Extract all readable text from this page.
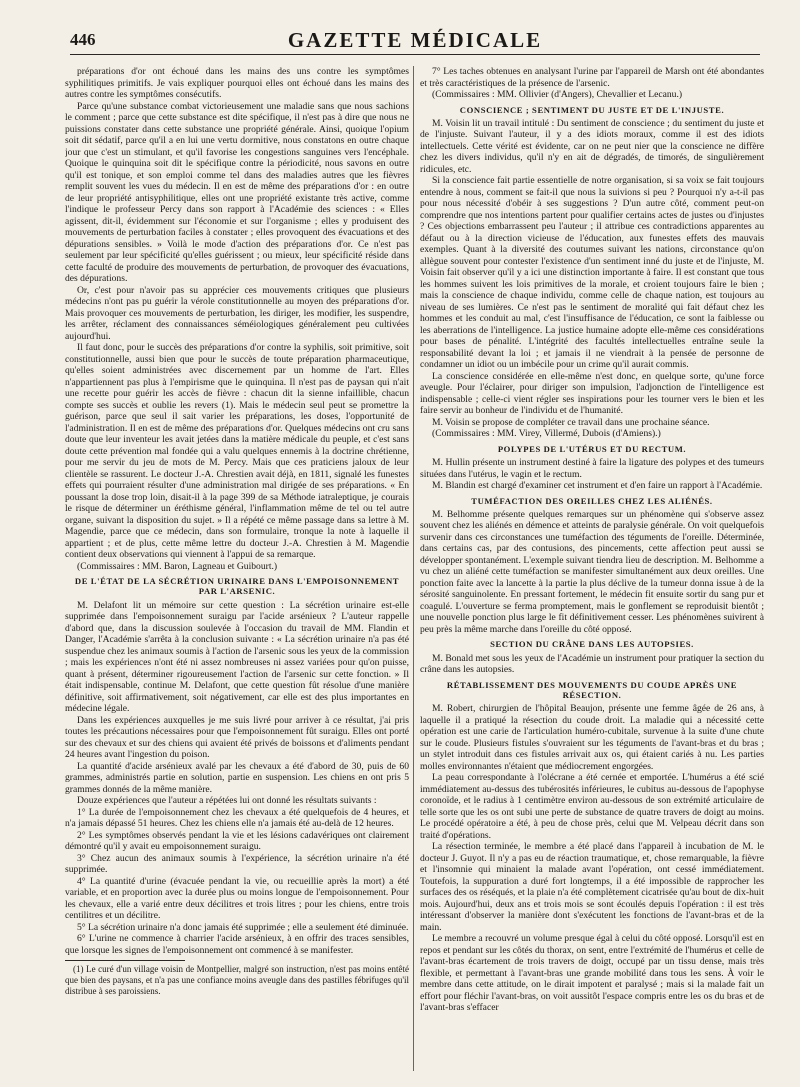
446	GAZETTE MÉDICALE

préparations d'or ont échoué dans les mains des uns contre les symptômes syphilitiques primitifs. Je vais expliquer pourquoi elles ont échoué dans les mains des autres contre les symptômes consécutifs.

Parce qu'une substance combat victorieusement une maladie sans que nous sachions le comment ; parce que cette substance est dite spécifique, il n'est pas à dire que nous ne puissions constater dans cette substance une propriété générale. Ainsi, quoique l'opium soit dit sédatif, parce qu'il a en lui une vertu dormitive, nous constatons en outre chaque jour que c'est un stimulant, et qu'il favorise les congestions sanguines vers l'encéphale. Quoique le quinquina soit dit le spécifique contre la périodicité, nous savons en outre qu'il est tonique, et son emploi comme tel dans des maladies autres que les fièvres remplit souvent les vues du médecin. Il en est de même des préparations d'or : en outre de leur propriété antisyphilitique, elles ont une propriété existante très active, comme l'indique le professeur Percy dans son rapport à l'Académie des sciences : « Elles agissent, dit-il, évidemment sur l'économie et sur l'organisme ; elles y produisent des mouvements de perturbation faciles à constater ; elles provoquent des évacuations et des dépurations sensibles. » Voilà le mode d'action des préparations d'or. Ce n'est pas seulement par leur spécificité qu'elles guérissent ; ou mieux, leur spécificité réside dans cette faculté de produire des mouvements de perturbation, de provoquer des évacuations, des dépurations.

Or, c'est pour n'avoir pas su apprécier ces mouvements critiques que plusieurs médecins n'ont pas pu guérir la vérole constitutionnelle au moyen des préparations d'or. Mais provoquer ces mouvements de perturbation, les diriger, les modifier, les suspendre, les arrêter, réclament des connaissances séméiologiques généralement peu cultivées aujourd'hui.

Il faut donc, pour le succès des préparations d'or contre la syphilis, soit primitive, soit constitutionnelle, aussi bien que pour le succès de toute préparation pharmaceutique, qu'elles soient administrées avec discernement par un homme de l'art. Elles n'appartiennent pas plus à l'empirisme que le quinquina. Il n'est pas de paysan qui n'ait une recette pour guérir les accès de fièvre : chacun dit la sienne infaillible, chacun compte ses succès et oublie les revers (1). Mais le médecin seul peut se promettre la guérison, parce que seul il sait varier les préparations, les doses, l'opportunité de l'administration. Il en est de même des préparations d'or. Quelques médecins ont cru sans doute que leur inventeur les avait jetées dans la matière médicale du peuple, et c'est sans doute cette prévention mal fondée qui a valu quelques ennemis à la doctrine chrétienne, pour me servir du jeu de mots de M. Percy. Mais que ces praticiens jaloux de leur clientèle se rassurent. Le docteur J.-A. Chrestien avait déjà, en 1811, signalé les funestes effets qui pourraient résulter d'une administration mal dirigée de ses préparations. « En poussant la dose trop loin, disait-il à la page 399 de sa Méthode iatraleptique, je courais le risque de déterminer un éréthisme général, l'inflammation même de tel ou tel autre organe, suivant la disposition du sujet. » Il a répété ce même passage dans sa lettre à M. Magendie, parce que ce médecin, dans son formulaire, tronque la note à laquelle il appartient ; et de plus, cette même lettre du docteur J.-A. Chrestien à M. Magendie contient deux observations qui viennent à l'appui de sa remarque.

(Commissaires : MM. Baron, Lagneau et Guibourt.)

DE L'ÉTAT DE LA SÉCRÉTION URINAIRE DANS L'EMPOISONNEMENT PAR L'ARSENIC.

M. Delafont lit un mémoire sur cette question : La sécrétion urinaire est-elle supprimée dans l'empoisonnement suraigu par l'acide arsénieux ? L'auteur rappelle d'abord que, dans la discussion soulevée à l'occasion du travail de MM. Flandin et Danger, l'Académie s'arrêta à la conclusion suivante : « La sécrétion urinaire n'a pas été suspendue chez les animaux soumis à l'action de l'arsenic sous les yeux de la commission ; mais les expériences n'ont été ni assez nombreuses ni assez variées pour qu'on puisse, quant à présent, déterminer rigoureusement l'action de l'arsenic sur cette fonction. » Il était indispensable, continue M. Delafont, que cette question fût résolue d'une manière définitive, soit affirmativement, soit négativement, car elle est des plus importantes en médecine légale.

Dans les expériences auxquelles je me suis livré pour arriver à ce résultat, j'ai pris toutes les précautions nécessaires pour que l'empoisonnement fût suraigu. Elles ont porté sur des chevaux et sur des chiens qui avaient été privés de boissons et d'aliments pendant 24 heures avant l'ingestion du poison.

La quantité d'acide arsénieux avalé par les chevaux a été d'abord de 30, puis de 60 grammes, administrés partie en solution, partie en suspension. Les chiens en ont pris 5 grammes donnés de la même manière.

Douze expériences que l'auteur a répétées lui ont donné les résultats suivants :

1° La durée de l'empoisonnement chez les chevaux a été quelquefois de 4 heures, et n'a jamais dépassé 51 heures. Chez les chiens elle n'a jamais été au-delà de 12 heures.

2° Les symptômes observés pendant la vie et les lésions cadavériques ont clairement démontré qu'il y avait eu empoisonnement suraigu.

3° Chez aucun des animaux soumis à l'expérience, la sécrétion urinaire n'a été supprimée.

4° La quantité d'urine (évacuée pendant la vie, ou recueillie après la mort) a été variable, et en proportion avec la durée plus ou moins longue de l'empoisonnement. Pour les chevaux, elle a varié entre deux décilitres et trois litres ; pour les chiens, entre trois centilitres et un décilitre.

5° La sécrétion urinaire n'a donc jamais été supprimée ; elle a seulement été diminuée.

6° L'urine ne commence à charrier l'acide arsénieux, à en offrir des traces sensibles, que lorsque les signes de l'empoisonnement ont commencé à se manifester.

(1) Le curé d'un village voisin de Montpellier, malgré son instruction, n'est pas moins entêté que bien des paysans, et n'a pas une confiance moins aveugle dans des pastilles fébrifuges qu'il distribue à ses paroissiens.

7° Les taches obtenues en analysant l'urine par l'appareil de Marsh ont été abondantes et très caractéristiques de la présence de l'arsenic.

(Commissaires : MM. Ollivier (d'Angers), Chevallier et Lecanu.)

CONSCIENCE ; SENTIMENT DU JUSTE ET DE L'INJUSTE.

M. Voisin lit un travail intitulé : Du sentiment de conscience ; du sentiment du juste et de l'injuste. Suivant l'auteur, il y a des idiots moraux, comme il est des idiots intellectuels. Cette vérité est évidente, car on ne peut nier que la conscience ne diffère chez les divers individus, qu'il n'y en ait de dégradés, de timorés, de singulièrement ridicules, etc.

Si la conscience fait partie essentielle de notre organisation, si sa voix se fait toujours entendre à nous, comment se fait-il que nous la suivions si peu ? Pourquoi n'y a-t-il pas pour nous nécessité d'obéir à ses suggestions ? D'un autre côté, comment peut-on comprendre que nos intentions partent pour qualifier certains actes de justes ou d'injustes ? Ces objections embarrassent peu l'auteur ; il attribue ces contradictions apparentes au défaut ou à la direction vicieuse de l'éducation, aux funestes effets des mauvais exemples. Quant à la diversité des coutumes suivant les nations, circonstance qu'on allègue souvent pour contester l'existence d'un sentiment inné du juste et de l'injuste, M. Voisin fait observer qu'il y a ici une distinction importante à faire. Il est constant que tous les hommes suivent les lois primitives de la morale, et croient toujours faire le bien ; mais la conscience de chaque individu, comme celle de chaque nation, est toujours au niveau de ses lumières. Ce n'est pas le sentiment de moralité qui fait défaut chez les hommes et les conduit au mal, c'est l'insuffisance de l'éducation, ce sont la faiblesse ou les aberrations de l'intelligence. La justice humaine adopte elle-même ces considérations pour bases de pénalité. L'intégrité des facultés intellectuelles entraîne seule la responsabilité devant la loi ; et jamais il ne viendrait à la pensée de personne de condamner un idiot ou un imbécile pour un crime qu'il aurait commis.

La conscience considérée en elle-même n'est donc, en quelque sorte, qu'une force aveugle. Pour l'éclairer, pour diriger son impulsion, l'adjonction de l'intelligence est indispensable ; celle-ci vient régler ses inspirations pour les tourner vers le bien et les faire servir au bonheur de l'individu et de l'humanité.

M. Voisin se propose de compléter ce travail dans une prochaine séance.

(Commissaires : MM. Virey, Villermé, Dubois (d'Amiens).)

POLYPES DE L'UTÉRUS ET DU RECTUM.

M. Hullin présente un instrument destiné à faire la ligature des polypes et des tumeurs situées dans l'utérus, le vagin et le rectum.

M. Blandin est chargé d'examiner cet instrument et d'en faire un rapport à l'Académie.

TUMÉFACTION DES OREILLES CHEZ LES ALIÉNÉS.

M. Belhomme présente quelques remarques sur un phénomène qui s'observe assez souvent chez les aliénés en démence et atteints de paralysie générale. On voit quelquefois survenir dans ces circonstances une tuméfaction des téguments de l'oreille. Déterminée, dans certains cas, par des contusions, des pincements, cette affection peut aussi se développer spontanément. L'exemple suivant tiendra lieu de description. M. Belhomme a vu chez un aliéné cette tuméfaction se manifester simultanément aux deux oreilles. Une ponction faite avec la lancette à la partie la plus déclive de la tumeur donna issue à de la sérosité sanguinolente. En pressant fortement, le médecin fit ensuite sortir du sang pur et coagulé. L'ouverture se ferma promptement, mais le gonflement se reproduisit bientôt ; une nouvelle ponction plus large le fit définitivement cesser. Les phénomènes suivirent à peu près la même marche dans l'oreille du côté opposé.

SECTION DU CRÂNE DANS LES AUTOPSIES.

M. Bonald met sous les yeux de l'Académie un instrument pour pratiquer la section du crâne dans les autopsies.

RÉTABLISSEMENT DES MOUVEMENTS DU COUDE APRÈS UNE RÉSECTION.

M. Robert, chirurgien de l'hôpital Beaujon, présente une femme âgée de 26 ans, à laquelle il a pratiqué la résection du coude droit. La maladie qui a nécessité cette opération est une carie de l'articulation huméro-cubitale, survenue à la suite d'une chute sur le coude. Plusieurs fistules s'ouvraient sur les téguments de l'avant-bras et du bras ; un stylet introduit dans ces fistules arrivait aux os, qui étaient cariés à nu. Les parties molles environnantes n'étaient que médiocrement engorgées.

La peau correspondante à l'olécrane a été cernée et emportée. L'humérus a été scié immédiatement au-dessus des tubérosités inférieures, le cubitus au-dessous de l'apophyse coronoïde, et le radius à 1 centimètre environ au-dessous de son extrémité articulaire de telle sorte que les os ont subi une perte de substance de quatre travers de doigt au moins. Le procédé opératoire a été, à peu de chose près, celui que M. Velpeau décrit dans son traité d'opérations.

La résection terminée, le membre a été placé dans l'appareil à incubation de M. le docteur J. Guyot. Il n'y a pas eu de réaction traumatique, et, chose remarquable, la fièvre et l'insomnie qui minaient la malade avant l'opération, ont cessé immédiatement. Toutefois, la suppuration a duré fort longtemps, il a été impossible de rapprocher les surfaces des os réséqués, et la plaie n'a été complètement cicatrisée qu'au bout de dix-huit mois. Aujourd'hui, deux ans et trois mois se sont écoulés depuis l'opération : il est très intéressant d'observer la manière dont s'exécutent les fonctions de l'avant-bras et de la main.

Le membre a recouvré un volume presque égal à celui du côté opposé. Lorsqu'il est en repos et pendant sur les côtés du thorax, on sent, entre l'extrémité de l'humérus et celle de l'avant-bras écartement de trois travers de doigt, occupé par un tissu dense, mais très flexible, et permettant à l'avant-bras une grande mobilité dans tous les sens. À voir le membre dans cette attitude, on le dirait impotent et paralysé ; mais si la malade fait un effort pour fléchir l'avant-bras, on voit aussitôt l'espace compris entre les os du bras et de l'avant-bras s'effacer
